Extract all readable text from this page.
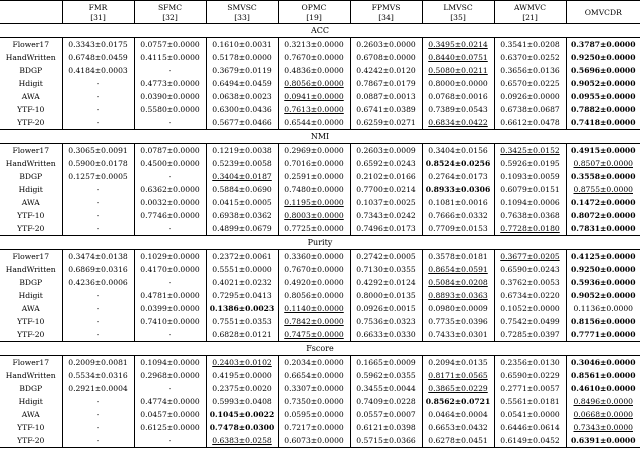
	FMR	SFMC	SMVSC	OPMC	FPMVS	LMVSC	AWMVC	OMVCDR
	[31]	[32]	[33]	[19]	[34]	[35]	[21]	
ACC								
Flower17	0.3343±0.0175	0.0757±0.0000	0.1610±0.0031	0.3213±0.0000	0.2603±0.0000	0.3495±0.0214	0.3541±0.0208	0.3787±0.0000
HandWritten	0.6748±0.0459	0.4115±0.0000	0.5178±0.0000	0.7670±0.0000	0.6708±0.0000	0.8440±0.0751	0.6370±0.0252	0.9250±0.0000
BDGP	0.4184±0.0003	-	0.3679±0.0119	0.4836±0.0000	0.4242±0.0120	0.5080±0.0211	0.3656±0.0136	0.5696±0.0000
Hdigit	-	0.4773±0.0000	0.6494±0.0459	0.8056±0.0000	0.7867±0.0179	0.8000±0.0000	0.6570±0.0225	0.9052±0.0000
AWA	-	0.0390±0.0000	0.0638±0.0023	0.0941±0.0000	0.0887±0.0013	0.0768±0.0016	0.0926±0.0000	0.0955±0.0000
YTF-10	-	0.5580±0.0000	0.6300±0.0436	0.7613±0.0000	0.6741±0.0389	0.7389±0.0543	0.6738±0.0687	0.7882±0.0000
YTF-20	-	-	0.5677±0.0466	0.6544±0.0000	0.6259±0.0271	0.6834±0.0422	0.6612±0.0478	0.7418±0.0000
NMI								
Flower17	0.3065±0.0091	0.0787±0.0000	0.1219±0.0038	0.2969±0.0000	0.2603±0.0009	0.3404±0.0156	0.3425±0.0152	0.4915±0.0000
HandWritten	0.5900±0.0178	0.4500±0.0000	0.5239±0.0058	0.7016±0.0000	0.6592±0.0243	0.8524±0.0256	0.5926±0.0195	0.8507±0.0000
BDGP	0.1257±0.0005	-	0.3404±0.0187	0.2591±0.0000	0.2102±0.0166	0.2764±0.0173	0.1093±0.0059	0.3558±0.0000
Hdigit	-	0.6362±0.0000	0.5884±0.0690	0.7480±0.0000	0.7700±0.0214	0.8933±0.0306	0.6079±0.0151	0.8755±0.0000
AWA	-	0.0032±0.0000	0.0415±0.0005	0.1195±0.0000	0.1037±0.0025	0.1081±0.0016	0.1094±0.0006	0.1472±0.0000
YTF-10	-	0.7746±0.0000	0.6938±0.0362	0.8003±0.0000	0.7343±0.0242	0.7666±0.0332	0.7638±0.0368	0.8072±0.0000
YTF-20	-	-	0.4899±0.0679	0.7725±0.0000	0.7496±0.0173	0.7709±0.0153	0.7728±0.0180	0.7831±0.0000
Purity								
Flower17	0.3474±0.0138	0.1029±0.0000	0.2372±0.0061	0.3360±0.0000	0.2742±0.0005	0.3578±0.0181	0.3677±0.0205	0.4125±0.0000
HandWritten	0.6869±0.0316	0.4170±0.0000	0.5551±0.0000	0.7670±0.0000	0.7130±0.0355	0.8654±0.0591	0.6590±0.0243	0.9250±0.0000
BDGP	0.4236±0.0006	-	0.4021±0.0232	0.4920±0.0000	0.4292±0.0124	0.5084±0.0208	0.3762±0.0053	0.5936±0.0000
Hdigit	-	0.4781±0.0000	0.7295±0.0413	0.8056±0.0000	0.8000±0.0135	0.8893±0.0363	0.6734±0.0220	0.9052±0.0000
AWA	-	0.0399±0.0000	0.1386±0.0023	0.1140±0.0000	0.0926±0.0015	0.0980±0.0009	0.1052±0.0000	0.1136±0.0000
YTF-10	-	0.7410±0.0000	0.7551±0.0353	0.7842±0.0000	0.7536±0.0323	0.7735±0.0396	0.7542±0.0499	0.8156±0.0000
YTF-20	-	-	0.6828±0.0121	0.7475±0.0000	0.6633±0.0330	0.7433±0.0301	0.7285±0.0397	0.7771±0.0000
Fscore								
Flower17	0.2009±0.0081	0.1094±0.0000	0.2403±0.0102	0.2034±0.0000	0.1665±0.0009	0.2094±0.0135	0.2356±0.0130	0.3046±0.0000
HandWritten	0.5534±0.0316	0.2968±0.0000	0.4195±0.0000	0.6654±0.0000	0.5962±0.0355	0.8171±0.0565	0.6590±0.0229	0.8561±0.0000
BDGP	0.2921±0.0004	-	0.2375±0.0020	0.3307±0.0000	0.3455±0.0044	0.3865±0.0229	0.2771±0.0057	0.4610±0.0000
Hdigit	-	0.4774±0.0000	0.5993±0.0408	0.7350±0.0000	0.7409±0.0228	0.8562±0.0721	0.5561±0.0181	0.8496±0.0000
AWA	-	0.0457±0.0000	0.1045±0.0022	0.0595±0.0000	0.0557±0.0007	0.0464±0.0004	0.0541±0.0000	0.0668±0.0000
YTF-10	-	0.6125±0.0000	0.7478±0.0300	0.7217±0.0000	0.6121±0.0398	0.6653±0.0432	0.6446±0.0614	0.7343±0.0000
YTF-20	-	-	0.6383±0.0258	0.6073±0.0000	0.5715±0.0366	0.6278±0.0451	0.6149±0.0452	0.6391±0.0000
